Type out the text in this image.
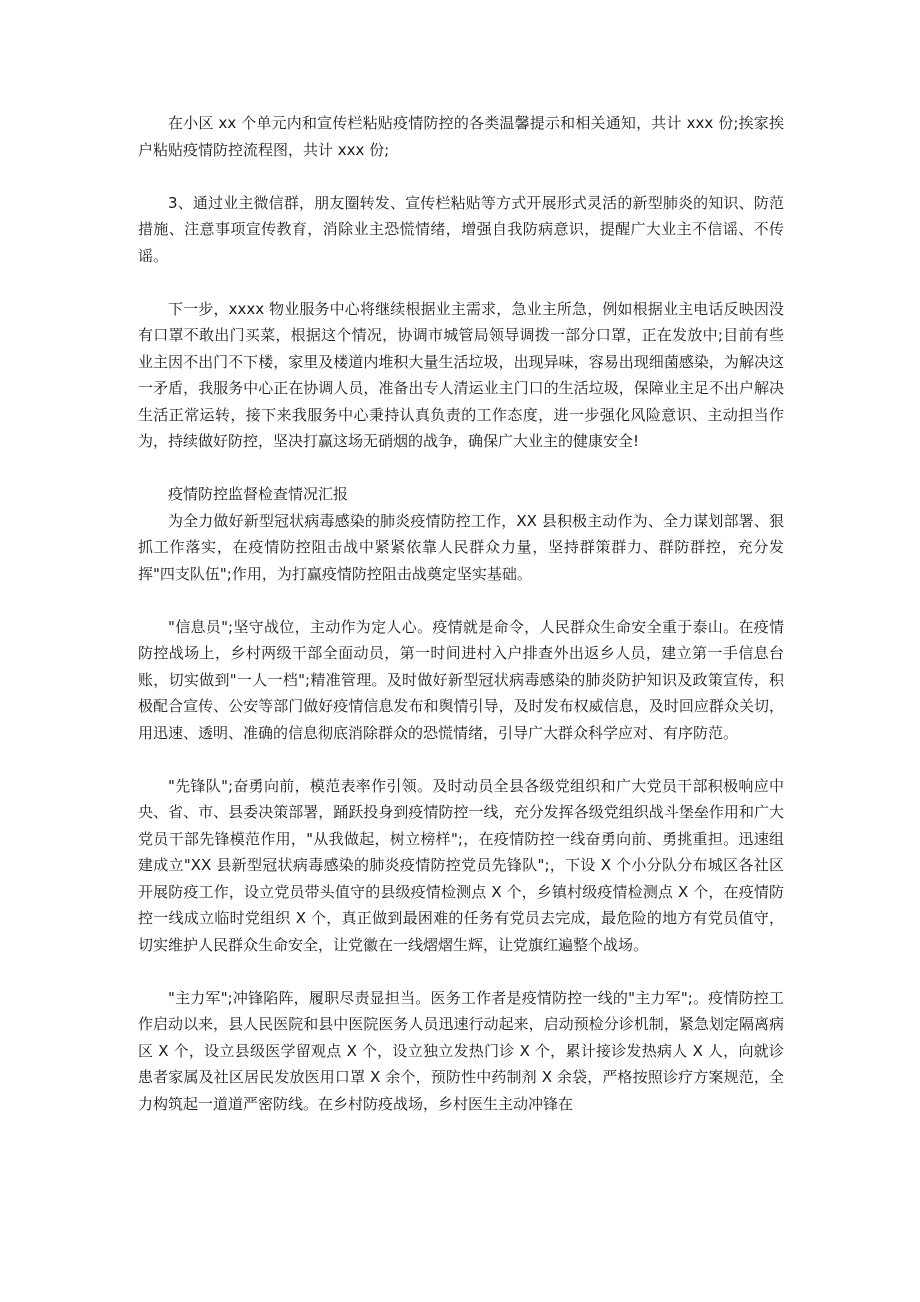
在小区 xx 个单元内和宣传栏粘贴疫情防控的各类温馨提示和相关通知，共计 xxx 份;挨家挨户粘贴疫情防控流程图，共计 xxx 份;

3、通过业主微信群，朋友圈转发、宣传栏粘贴等方式开展形式灵活的新型肺炎的知识、防范措施、注意事项宣传教育，消除业主恐慌情绪，增强自我防病意识，提醒广大业主不信谣、不传谣。

下一步，xxxx 物业服务中心将继续根据业主需求，急业主所急，例如根据业主电话反映因没有口罩不敢出门买菜，根据这个情况，协调市城管局领导调拨一部分口罩，正在发放中;目前有些业主因不出门不下楼，家里及楼道内堆积大量生活垃圾，出现异味，容易出现细菌感染，为解决这一矛盾，我服务中心正在协调人员，准备出专人清运业主门口的生活垃圾，保障业主足不出户解决生活正常运转，接下来我服务中心秉持认真负责的工作态度，进一步强化风险意识、主动担当作为，持续做好防控，坚决打赢这场无硝烟的战争，确保广大业主的健康安全!

疫情防控监督检查情况汇报

为全力做好新型冠状病毒感染的肺炎疫情防控工作，XX 县积极主动作为、全力谋划部署、狠抓工作落实，在疫情防控阻击战中紧紧依靠人民群众力量，坚持群策群力、群防群控，充分发挥"四支队伍";作用，为打赢疫情防控阻击战奠定坚实基础。

"信息员";坚守战位，主动作为定人心。疫情就是命令，人民群众生命安全重于泰山。在疫情防控战场上，乡村两级干部全面动员，第一时间进村入户排查外出返乡人员，建立第一手信息台账，切实做到"一人一档";精准管理。及时做好新型冠状病毒感染的肺炎防护知识及政策宣传，积极配合宣传、公安等部门做好疫情信息发布和舆情引导，及时发布权威信息，及时回应群众关切，用迅速、透明、准确的信息彻底消除群众的恐慌情绪，引导广大群众科学应对、有序防范。

"先锋队";奋勇向前，模范表率作引领。及时动员全县各级党组织和广大党员干部积极响应中央、省、市、县委决策部署，踊跃投身到疫情防控一线，充分发挥各级党组织战斗堡垒作用和广大党员干部先锋模范作用，"从我做起，树立榜样";，在疫情防控一线奋勇向前、勇挑重担。迅速组建成立"XX 县新型冠状病毒感染的肺炎疫情防控党员先锋队";，下设 X 个小分队分布城区各社区开展防疫工作，设立党员带头值守的县级疫情检测点 X 个，乡镇村级疫情检测点 X 个，在疫情防控一线成立临时党组织 X 个，真正做到最困难的任务有党员去完成，最危险的地方有党员值守，切实维护人民群众生命安全，让党徽在一线熠熠生辉，让党旗红遍整个战场。

"主力军";冲锋陷阵，履职尽责显担当。医务工作者是疫情防控一线的"主力军";。疫情防控工作启动以来，县人民医院和县中医院医务人员迅速行动起来，启动预检分诊机制，紧急划定隔离病区 X 个，设立县级医学留观点 X 个，设立独立发热门诊 X 个，累计接诊发热病人 X 人，向就诊患者家属及社区居民发放医用口罩 X 余个，预防性中药制剂 X 余袋，严格按照诊疗方案规范，全力构筑起一道道严密防线。在乡村防疫战场，乡村医生主动冲锋在
